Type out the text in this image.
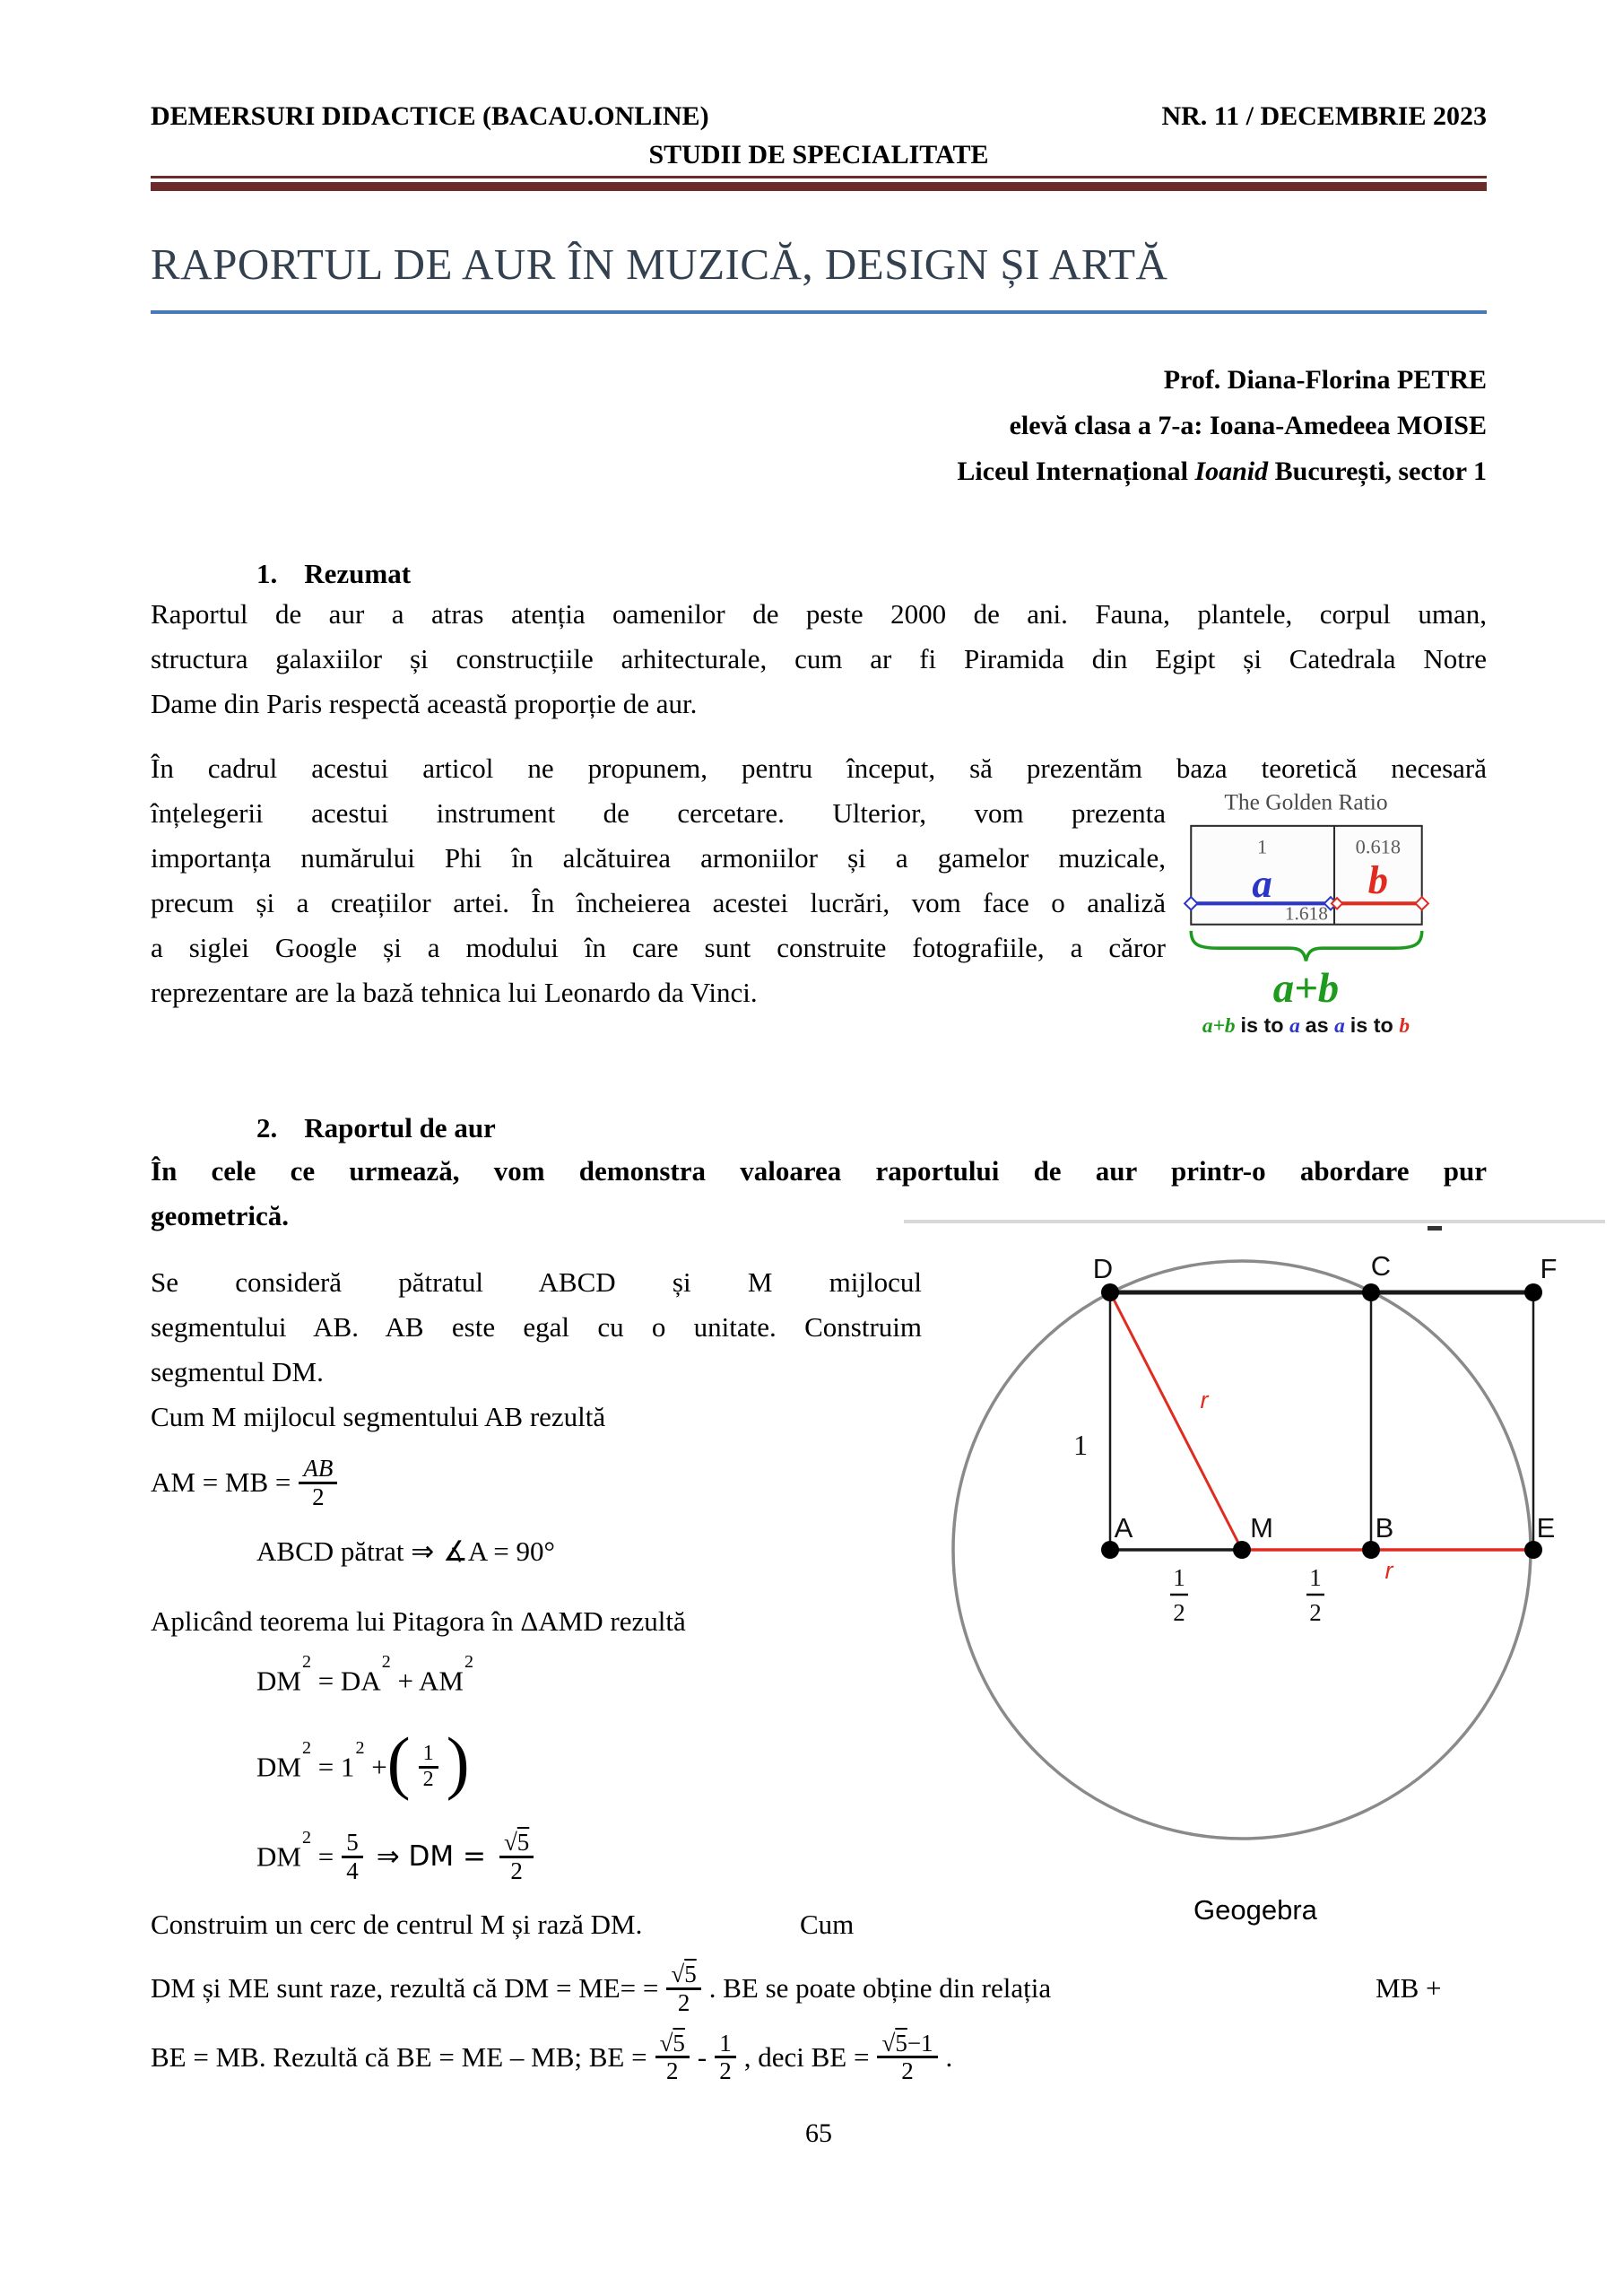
DEMERSURI DIDACTICE (BACAU.ONLINE)	NR. 11 / DECEMBRIE 2023
STUDII DE SPECIALITATE
RAPORTUL DE AUR ÎN MUZICĂ, DESIGN ȘI ARTĂ
Prof. Diana-Florina PETRE
elevă clasa a 7-a: Ioana-Amedeea MOISE
Liceul Internațional Ioanid București, sector 1
1. Rezumat
Raportul de aur a atras atenția oamenilor de peste 2000 de ani. Fauna, plantele, corpul uman,
structura galaxiilor și construcțiile arhitecturale, cum ar fi Piramida din Egipt și Catedrala Notre
Dame din Paris respectă această proporție de aur.
În cadrul acestui articol ne propunem, pentru început, să prezentăm baza teoretică necesară
înțelegerii acestui instrument de cercetare. Ulterior, vom prezenta
importanța numărului Phi în alcătuirea armoniilor și a gamelor muzicale,
precum și a creațiilor artei. În încheierea acestei lucrări, vom face o analiză
a siglei Google și a modului în care sunt construite fotografiile, a căror
reprezentare are la bază tehnica lui Leonardo da Vinci.
The Golden Ratio
1	0.618
a b
1.618
a+b
a+b is to a as a is to b
2. Raportul de aur
În cele ce urmează, vom demonstra valoarea raportului de aur printr-o abordare pur
geometrică.
Se consideră pătratul ABCD și M mijlocul
segmentului AB. AB este egal cu o unitate. Construim
segmentul DM.
Cum M mijlocul segmentului AB rezultă
AM = MB = $\frac{AB}{2}$
ABCD pătrat ⇒ ∡A = 90°
Aplicând teorema lui Pitagora în ΔAMD rezultă
$DM^2 = DA^2 + AM^2$
$DM^2 = 1^2$ + ( $\frac{1}{2}$ )
$DM^2 = \frac{5}{4}$ ⇒ DM = $\frac{√5}{2}$
Construim un cerc de centrul M și rază DM.	Cum
DM și ME sunt raze, rezultă că DM = $ME= = \frac{√5}{2}$ . BE se poate obține din relația	MB +
BE = MB. Rezultă că BE = ME – MB; BE = $\frac{√5}{2} - \frac{1}{2}$ , deci BE = $\frac{√5-1}{2}$ .
D	C	F
A	M	B	E
1
r
r
1
2
1
2
Geogebra
65
